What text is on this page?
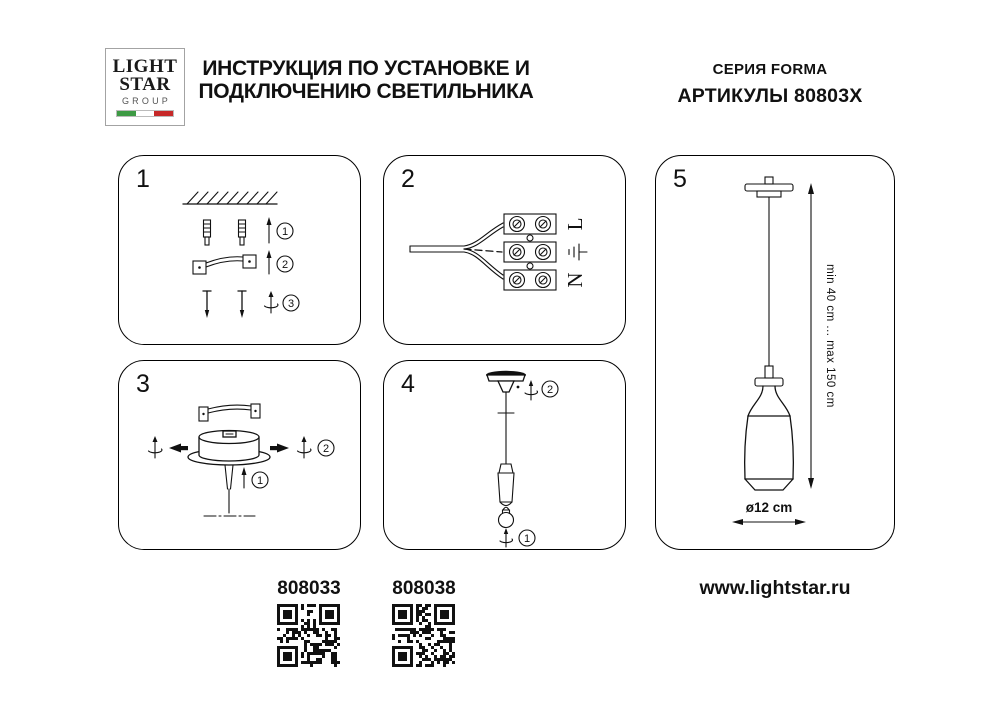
LIGHT
STAR
GROUP
ИНСТРУКЦИЯ ПО УСТАНОВКЕ И
ПОДКЛЮЧЕНИЮ СВЕТИЛЬНИКА
СЕРИЯ FORMA
АРТИКУЛЫ 80803X
1
1
2
3
2
L
N
3
2
1
4	2
1
5
min 40 cm ... max 150 cm
ø12 cm
808033	808038	www.lightstar.ru
